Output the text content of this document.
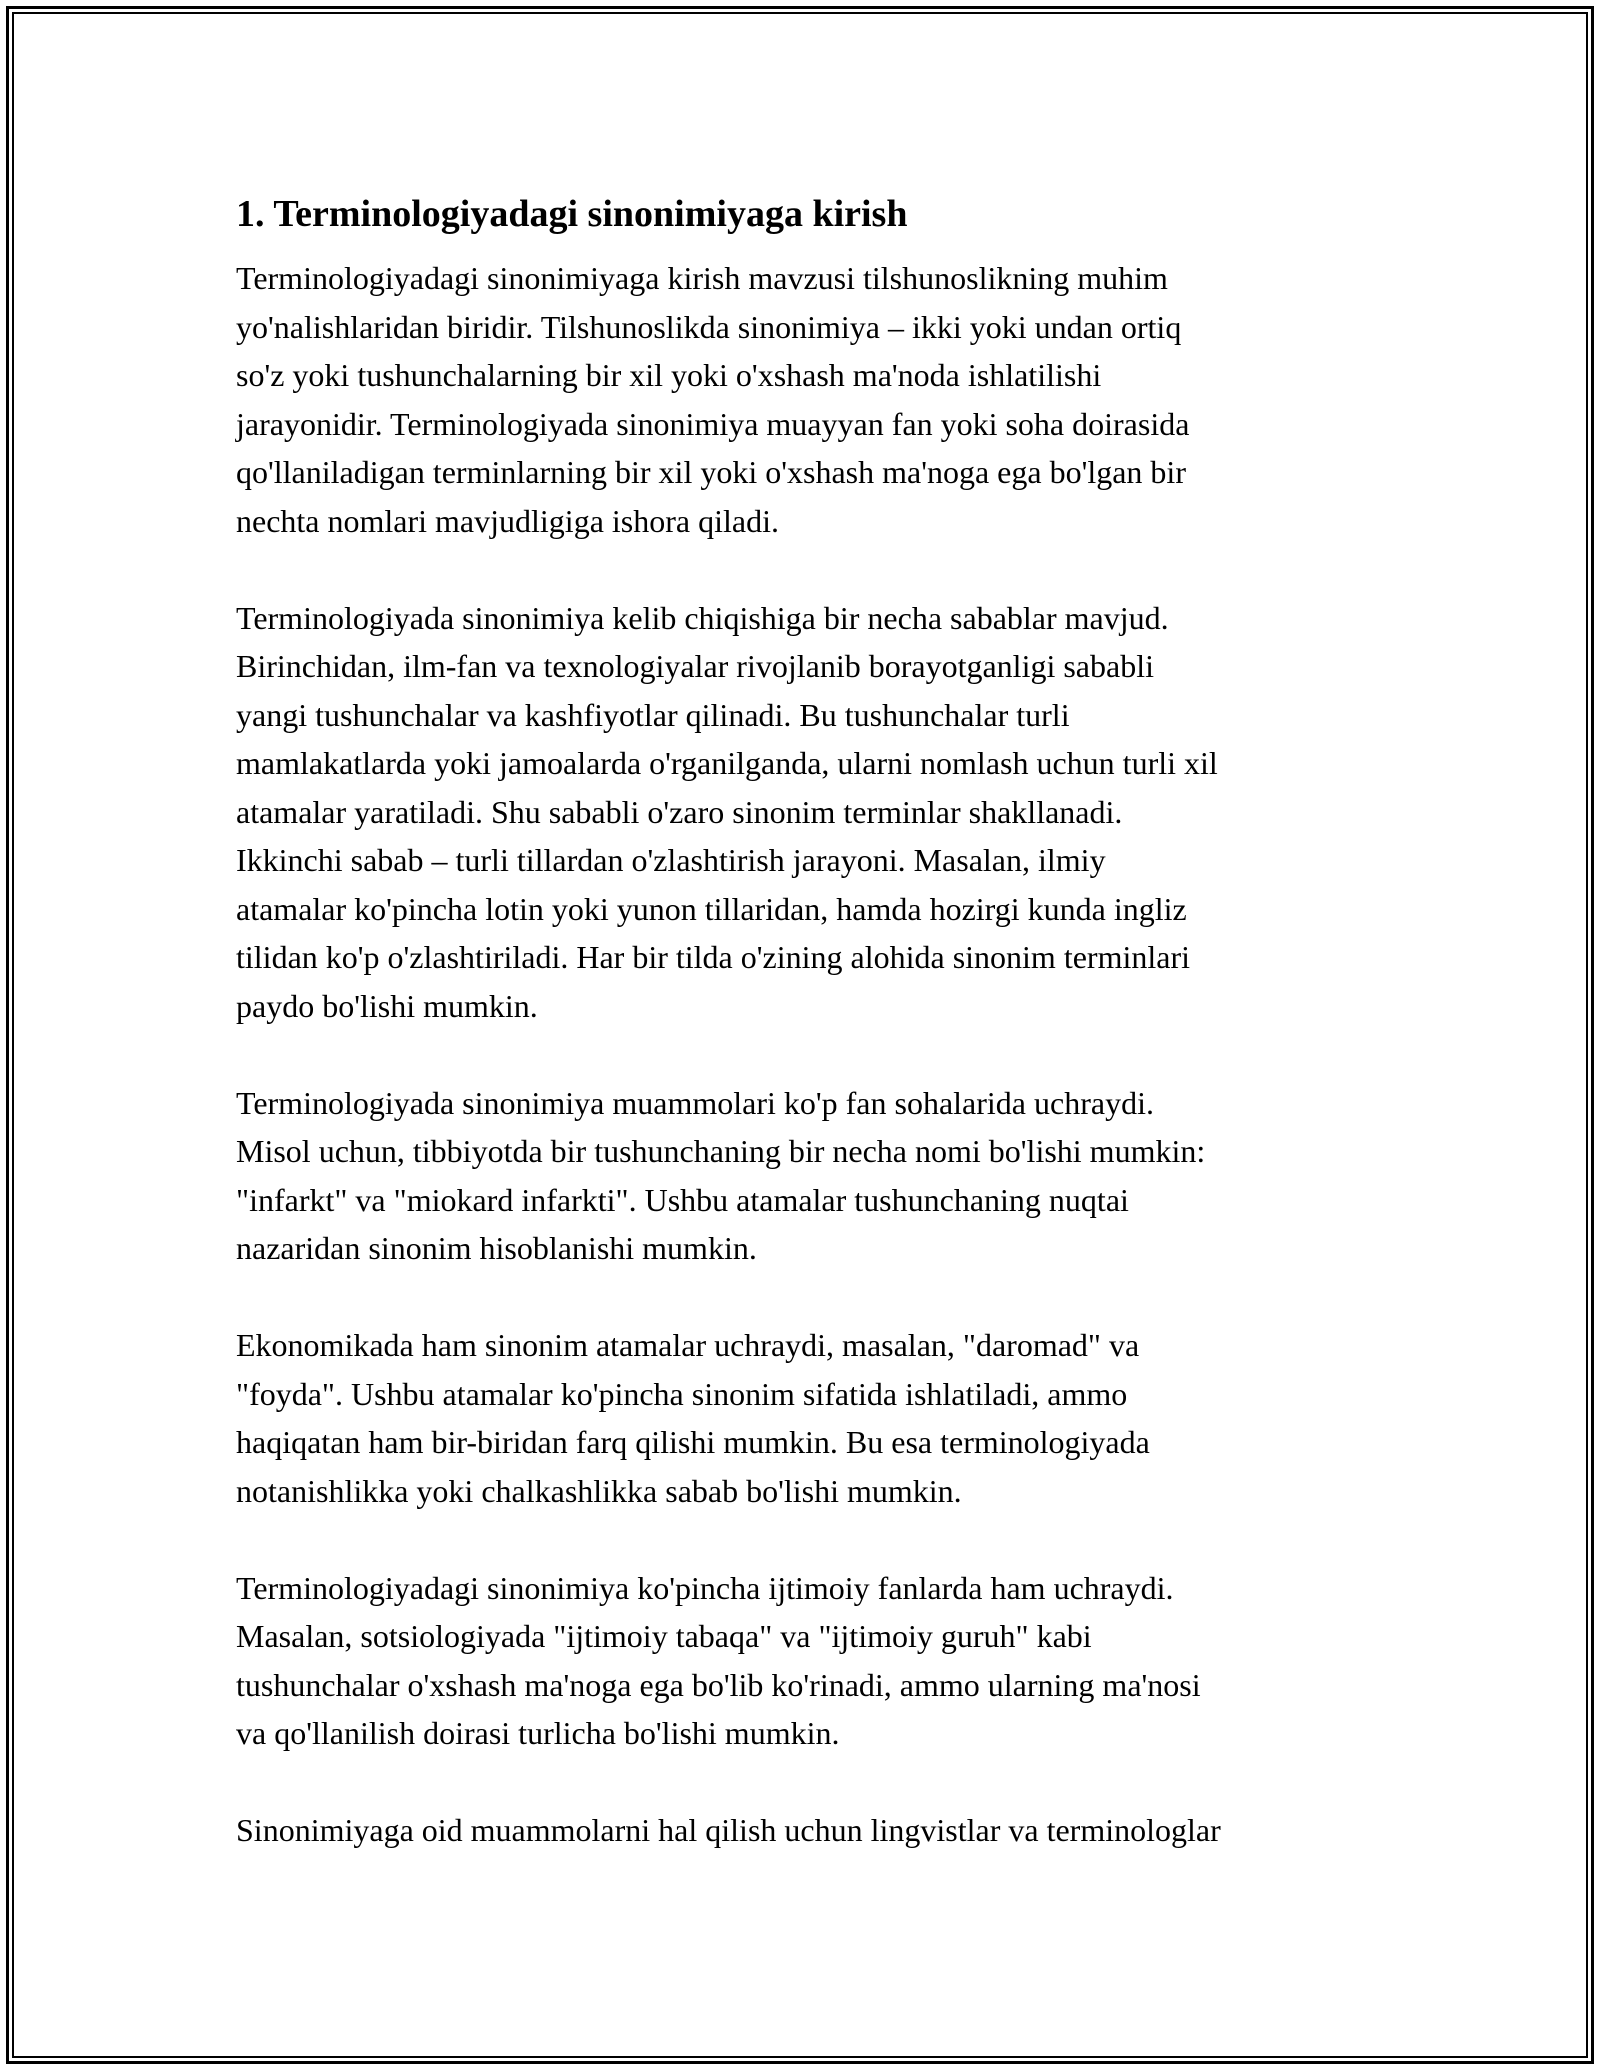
1. Terminologiyadagi sinonimiyaga kirish

Terminologiyadagi sinonimiyaga kirish mavzusi tilshunoslikning muhim
yo'nalishlaridan biridir. Tilshunoslikda sinonimiya – ikki yoki undan ortiq
so'z yoki tushunchalarning bir xil yoki o'xshash ma'noda ishlatilishi
jarayonidir. Terminologiyada sinonimiya muayyan fan yoki soha doirasida
qo'llaniladigan terminlarning bir xil yoki o'xshash ma'noga ega bo'lgan bir
nechta nomlari mavjudligiga ishora qiladi.

Terminologiyada sinonimiya kelib chiqishiga bir necha sabablar mavjud.
Birinchidan, ilm-fan va texnologiyalar rivojlanib borayotganligi sababli
yangi tushunchalar va kashfiyotlar qilinadi. Bu tushunchalar turli
mamlakatlarda yoki jamoalarda o'rganilganda, ularni nomlash uchun turli xil
atamalar yaratiladi. Shu sababli o'zaro sinonim terminlar shakllanadi.
Ikkinchi sabab – turli tillardan o'zlashtirish jarayoni. Masalan, ilmiy
atamalar ko'pincha lotin yoki yunon tillaridan, hamda hozirgi kunda ingliz
tilidan ko'p o'zlashtiriladi. Har bir tilda o'zining alohida sinonim terminlari
paydo bo'lishi mumkin.

Terminologiyada sinonimiya muammolari ko'p fan sohalarida uchraydi.
Misol uchun, tibbiyotda bir tushunchaning bir necha nomi bo'lishi mumkin:
"infarkt" va "miokard infarkti". Ushbu atamalar tushunchaning nuqtai
nazaridan sinonim hisoblanishi mumkin.

Ekonomikada ham sinonim atamalar uchraydi, masalan, "daromad" va
"foyda". Ushbu atamalar ko'pincha sinonim sifatida ishlatiladi, ammo
haqiqatan ham bir-biridan farq qilishi mumkin. Bu esa terminologiyada
notanishlikka yoki chalkashlikka sabab bo'lishi mumkin.

Terminologiyadagi sinonimiya ko'pincha ijtimoiy fanlarda ham uchraydi.
Masalan, sotsiologiyada "ijtimoiy tabaqa" va "ijtimoiy guruh" kabi
tushunchalar o'xshash ma'noga ega bo'lib ko'rinadi, ammo ularning ma'nosi
va qo'llanilish doirasi turlicha bo'lishi mumkin.

Sinonimiyaga oid muammolarni hal qilish uchun lingvistlar va terminologlar
